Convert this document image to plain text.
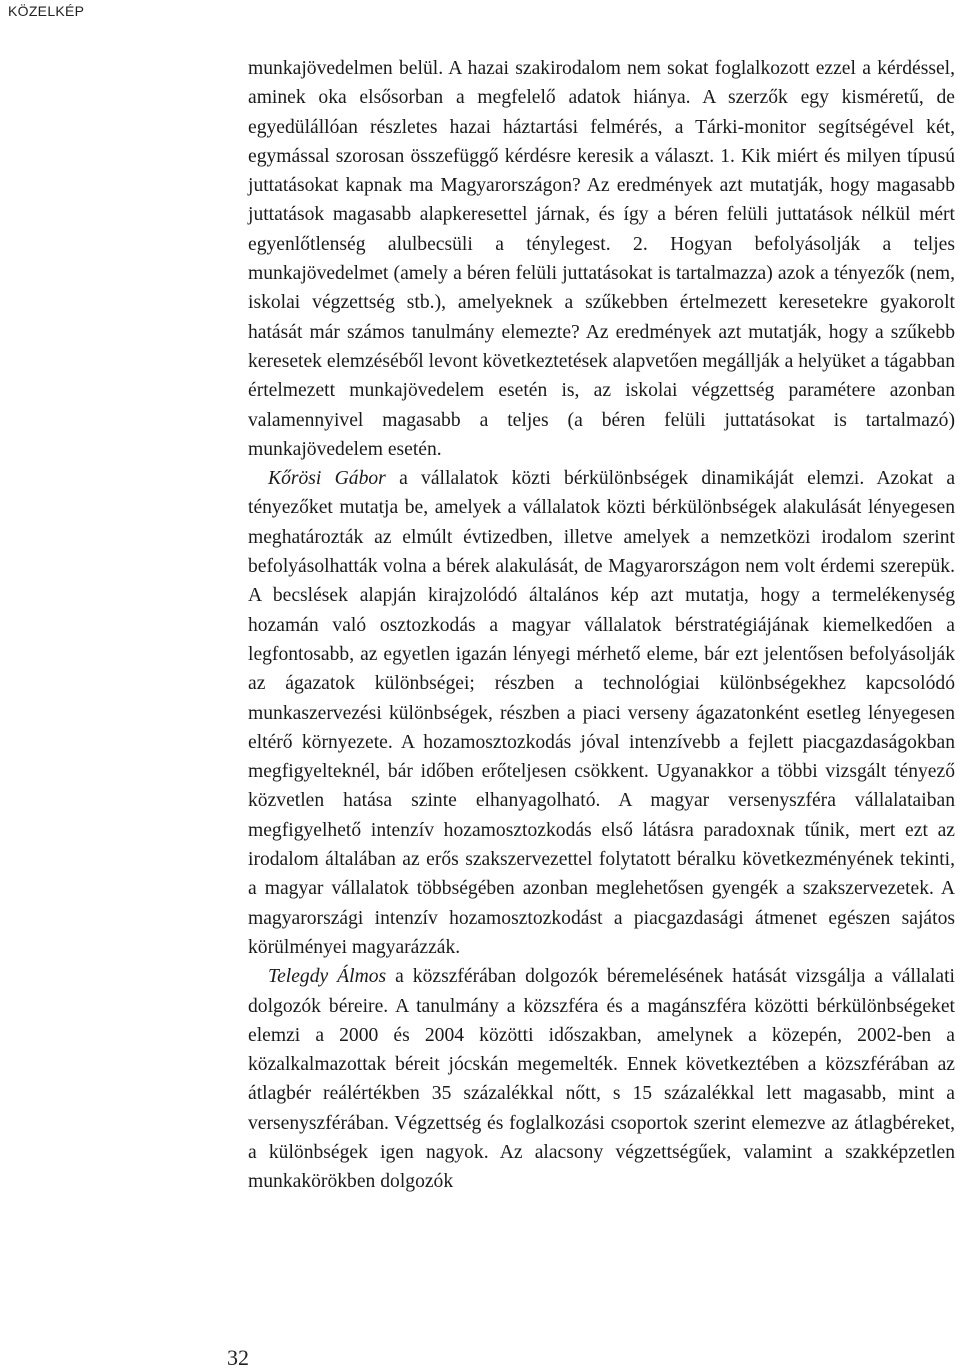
KÖZELKÉP

munkajövedelmen belül. A hazai szakirodalom nem sokat foglalkozott ezzel a kérdéssel, aminek oka elsősorban a megfelelő adatok hiánya. A szerzők egy kisméretű, de egyedülállóan részletes hazai háztartási felmérés, a Tárki-monitor segítségével két, egymással szorosan összefüggő kérdésre keresik a választ. 1. Kik miért és milyen típusú juttatásokat kapnak ma Magyarországon? Az eredmények azt mutatják, hogy magasabb juttatások magasabb alapkeresettel járnak, és így a béren felüli juttatások nélkül mért egyenlőtlenség alulbecsüli a ténylegest. 2. Hogyan befolyásolják a teljes munkajövedelmet (amely a béren felüli juttatásokat is tartalmazza) azok a tényezők (nem, iskolai végzettség stb.), amelyeknek a szűkebben értelmezett keresetekre gyakorolt hatását már számos tanulmány elemezte? Az eredmények azt mutatják, hogy a szűkebb keresetek elemzéséből levont következtetések alapvetően megállják a helyüket a tágabban értelmezett munkajövedelem esetén is, az iskolai végzettség paramétere azonban valamennyivel magasabb a teljes (a béren felüli juttatásokat is tartalmazó) munkajövedelem esetén.

Kőrösi Gábor a vállalatok közti bérkülönbségek dinamikáját elemzi. Azokat a tényezőket mutatja be, amelyek a vállalatok közti bérkülönbségek alakulását lényegesen meghatározták az elmúlt évtizedben, illetve amelyek a nemzetközi irodalom szerint befolyásolhatták volna a bérek alakulását, de Magyarországon nem volt érdemi szerepük. A becslések alapján kirajzolódó általános kép azt mutatja, hogy a termelékenység hozamán való osztozkodás a magyar vállalatok bérstratégiájának kiemelkedően a legfontosabb, az egyetlen igazán lényegi mérhető eleme, bár ezt jelentősen befolyásolják az ágazatok különbségei; részben a technológiai különbségekhez kapcsolódó munkaszervezési különbségek, részben a piaci verseny ágazatonként esetleg lényegesen eltérő környezete. A hozamosztozkodás jóval intenzívebb a fejlett piacgazdaságokban megfigyelteknél, bár időben erőteljesen csökkent. Ugyanakkor a többi vizsgált tényező közvetlen hatása szinte elhanyagolható. A magyar versenyszféra vállalataiban megfigyelhető intenzív hozamosztozkodás első látásra paradoxnak tűnik, mert ezt az irodalom általában az erős szakszervezettel folytatott béralku következményének tekinti, a magyar vállalatok többségében azonban meglehetősen gyengék a szakszervezetek. A magyarországi intenzív hozamosztozkodást a piacgazdasági átmenet egészen sajátos körülményei magyarázzák.

Telegdy Álmos a közszférában dolgozók béremelésének hatását vizsgálja a vállalati dolgozók béreire. A tanulmány a közszféra és a magánszféra közötti bérkülönbségeket elemzi a 2000 és 2004 közötti időszakban, amelynek a közepén, 2002-ben a közalkalmazottak béreit jócskán megemelték. Ennek következtében a közszférában az átlagbér reálértékben 35 százalékkal nőtt, s 15 százalékkal lett magasabb, mint a versenyszférában. Végzettség és foglalkozási csoportok szerint elemezve az átlagbéreket, a különbségek igen nagyok. Az alacsony végzettségűek, valamint a szakképzetlen munkakörökben dolgozók

32
